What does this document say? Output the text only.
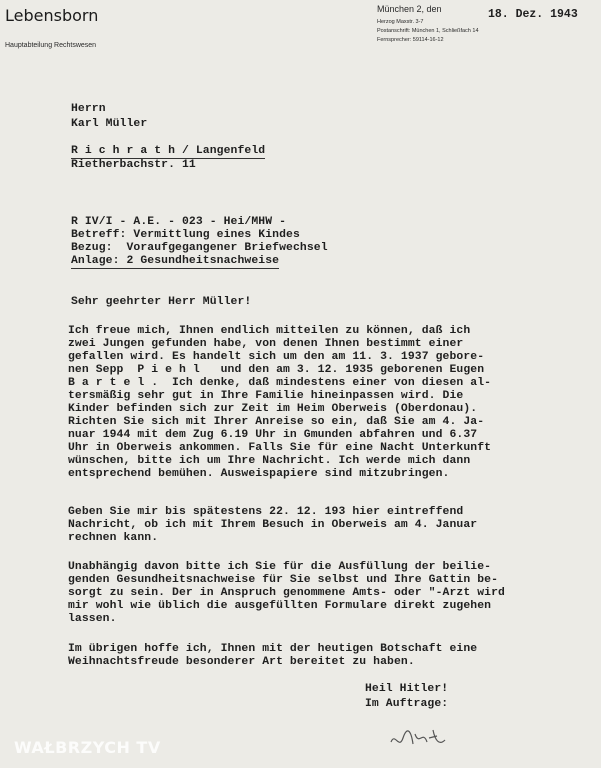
Lebensborn
Hauptabteilung Rechtswesen
München 2, den
Herzog Maxstr. 3-7
Postanschrift: München 1, Schließfach 14
Fernsprecher: 59114-16-12
18. Dez. 1943
Herrn
Karl Müller
R i c h r a t h / Langenfeld
Rietherbachstr. 11
R IV/I - A.E. - 023 - Hei/MHW -
Betreff: Vermittlung eines Kindes
Bezug: Voraufgegangener Briefwechsel
Anlage: 2 Gesundheitsnachweise
Sehr geehrter Herr Müller!
Ich freue mich, Ihnen endlich mitteilen zu können, daß ich
zwei Jungen gefunden habe, von denen Ihnen bestimmt einer
gefallen wird. Es handelt sich um den am 11. 3. 1937 gebore-
nen Sepp  P i e h l   und den am 3. 12. 1935 geborenen Eugen
B a r t e l .  Ich denke, daß mindestens einer von diesen al-
tersmäßig sehr gut in Ihre Familie hineinpassen wird. Die
Kinder befinden sich zur Zeit im Heim Oberweis (Oberdonau).
Richten Sie sich mit Ihrer Anreise so ein, daß Sie am 4. Ja-
nuar 1944 mit dem Zug 6.19 Uhr in Gmunden abfahren und 6.37
Uhr in Oberweis ankommen. Falls Sie für eine Nacht Unterkunft
wünschen, bitte ich um Ihre Nachricht. Ich werde mich dann
entsprechend bemühen. Ausweispapiere sind mitzubringen.
Geben Sie mir bis spätestens 22. 12. 193 hier eintreffend
Nachricht, ob ich mit Ihrem Besuch in Oberweis am 4. Januar
rechnen kann.
Unabhängig davon bitte ich Sie für die Ausfüllung der beilie-
genden Gesundheitsnachweise für Sie selbst und Ihre Gattin be-
sorgt zu sein. Der in Anspruch genommene Amts- oder "-Arzt wird
mir wohl wie üblich die ausgefüllten Formulare direkt zugehen
lassen.
Im übrigen hoffe ich, Ihnen mit der heutigen Botschaft eine
Weihnachtsfreude besonderer Art bereitet zu haben.
Heil Hitler!
Im Auftrage:
WAŁBRZYCH TV
